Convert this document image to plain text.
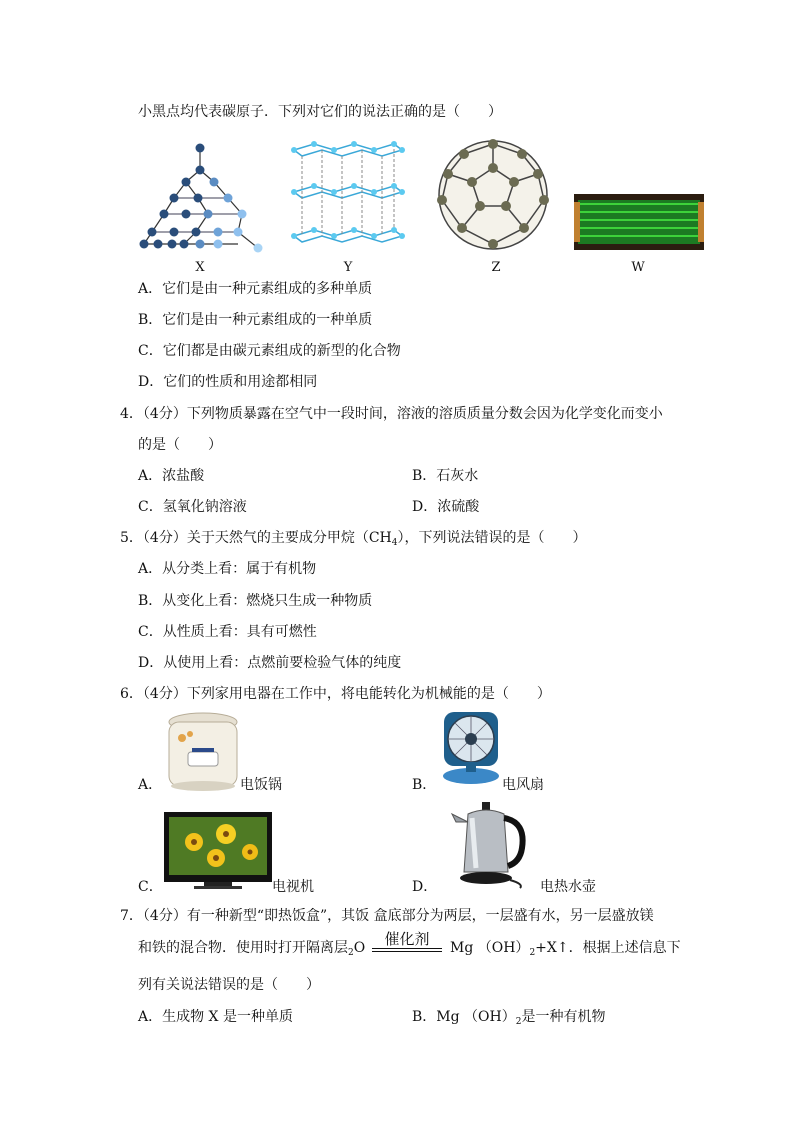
小黑点均代表碳原子．下列对它们的说法正确的是（　　）
X	Y	Z	W
A．它们是由一种元素组成的多种单质
B．它们是由一种元素组成的一种单质
C．它们都是由碳元素组成的新型的化合物
D．它们的性质和用途都相同
4．（4分）下列物质暴露在空气中一段时间，溶液的溶质质量分数会因为化学变化而变小
的是（　　）
A．浓盐酸	B．石灰水
C．氢氧化钠溶液	D．浓硫酸
5．（4分）关于天然气的主要成分甲烷$(CH_4)$，下列说法错误的是（　　）
A．从分类上看：属于有机物
B．从变化上看：燃烧只生成一种物质
C．从性质上看：具有可燃性
D．从使用上看：点燃前要检验气体的纯度
6．（4分）下列家用电器在工作中，将电能转化为机械能的是（　　）
A．	电饭锅	B．	电风扇
C．	电视机	D．	电热水壶
7．（4分）有一种新型“即热饭盒”，其饭 盒底部分为两层，一层盛有水，另一层盛放镁
和铁的混合物．使用时打开隔离层$_2$O	催化剂	Mg $(OH)_2+X↑$．根据上述信息下
列有关说法错误的是（　　）
A．生成物 X 是一种单质	B．Mg $(OH)_2$是一种有机物
